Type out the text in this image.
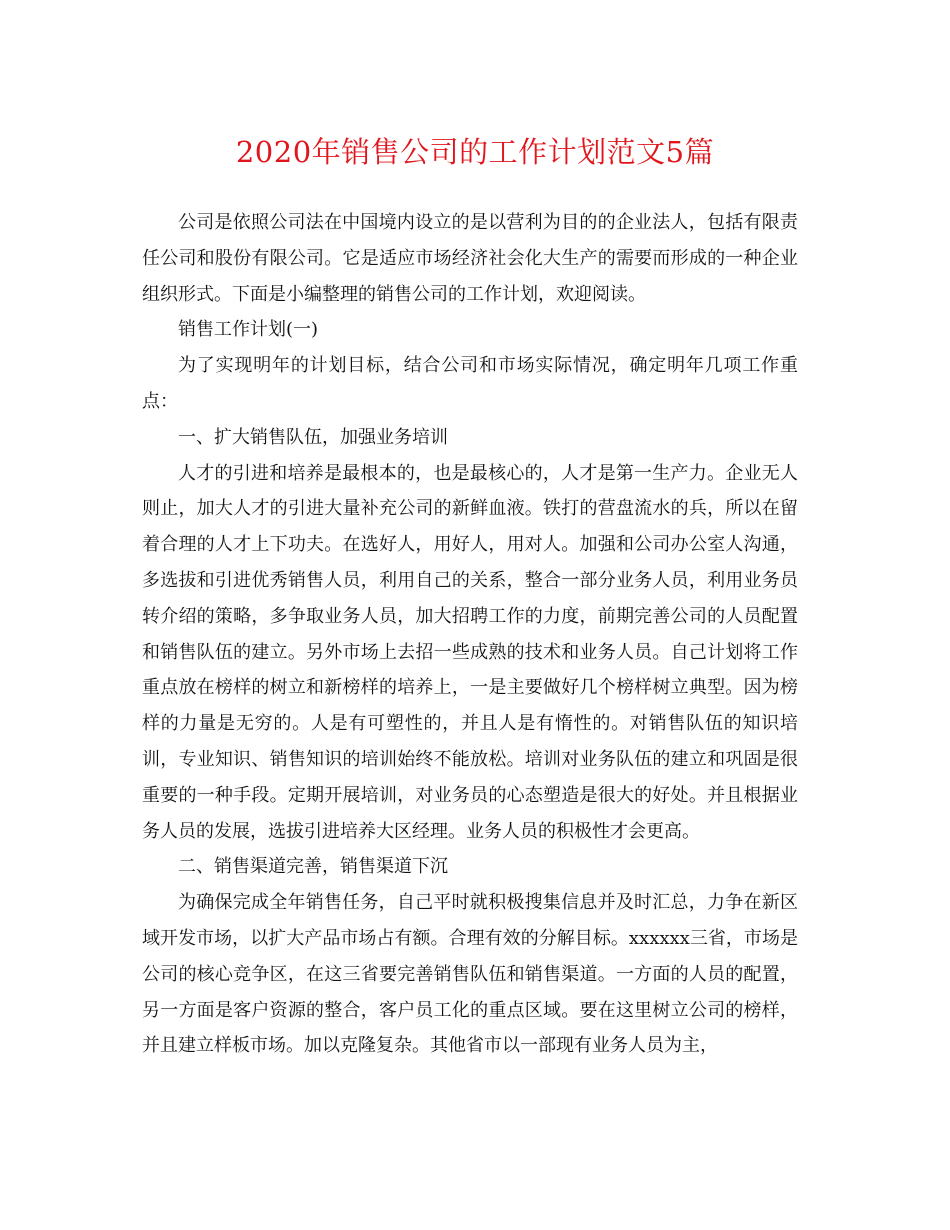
2020年销售公司的工作计划范文5篇

公司是依照公司法在中国境内设立的是以营利为目的的企业法人，包括有限责任公司和股份有限公司。它是适应市场经济社会化大生产的需要而形成的一种企业组织形式。下面是小编整理的销售公司的工作计划，欢迎阅读。

销售工作计划(一)

为了实现明年的计划目标，结合公司和市场实际情况，确定明年几项工作重点：

一、扩大销售队伍，加强业务培训

人才的引进和培养是最根本的，也是最核心的，人才是第一生产力。企业无人则止，加大人才的引进大量补充公司的新鲜血液。铁打的营盘流水的兵，所以在留着合理的人才上下功夫。在选好人，用好人，用对人。加强和公司办公室人沟通，多选拔和引进优秀销售人员，利用自己的关系，整合一部分业务人员，利用业务员转介绍的策略，多争取业务人员，加大招聘工作的力度，前期完善公司的人员配置和销售队伍的建立。另外市场上去招一些成熟的技术和业务人员。自己计划将工作重点放在榜样的树立和新榜样的培养上，一是主要做好几个榜样树立典型。因为榜样的力量是无穷的。人是有可塑性的，并且人是有惰性的。对销售队伍的知识培训，专业知识、销售知识的培训始终不能放松。培训对业务队伍的建立和巩固是很重要的一种手段。定期开展培训，对业务员的心态塑造是很大的好处。并且根据业务人员的发展，选拔引进培养大区经理。业务人员的积极性才会更高。

二、销售渠道完善，销售渠道下沉

为确保完成全年销售任务，自己平时就积极搜集信息并及时汇总，力争在新区域开发市场，以扩大产品市场占有额。合理有效的分解目标。xxxxxx三省，市场是公司的核心竞争区，在这三省要完善销售队伍和销售渠道。一方面的人员的配置，另一方面是客户资源的整合，客户员工化的重点区域。要在这里树立公司的榜样，并且建立样板市场。加以克隆复杂。其他省市以一部现有业务人员为主，
